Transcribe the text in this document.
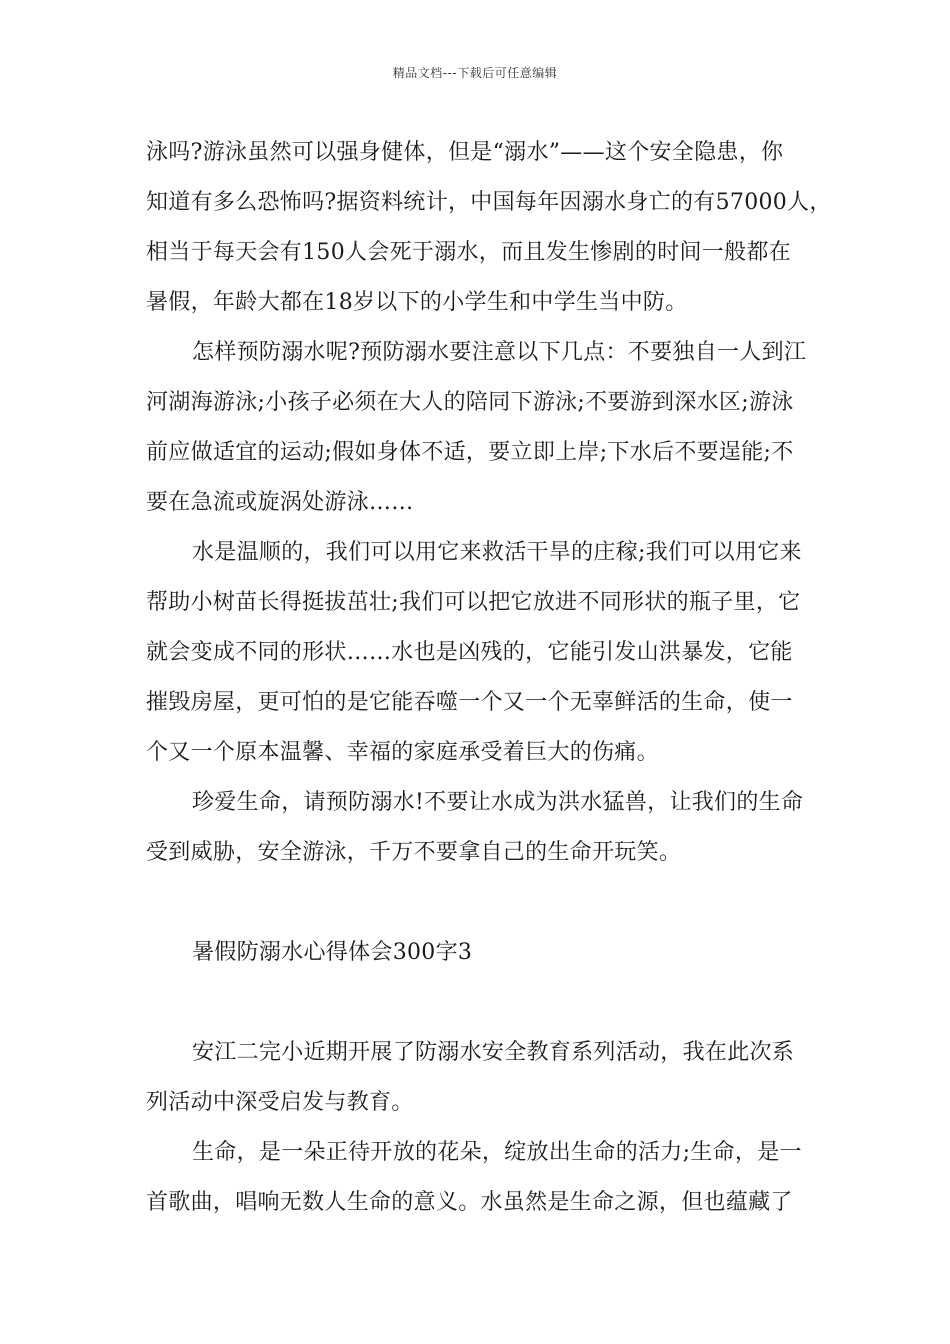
精品文档---下载后可任意编辑
泳吗?游泳虽然可以强身健体，但是“溺水”——这个安全隐患，你
知道有多么恐怖吗?据资料统计，中国每年因溺水身亡的有57000人，
相当于每天会有150人会死于溺水，而且发生惨剧的时间一般都在
暑假，年龄大都在18岁以下的小学生和中学生当中防。
怎样预防溺水呢?预防溺水要注意以下几点：不要独自一人到江
河湖海游泳;小孩子必须在大人的陪同下游泳;不要游到深水区;游泳
前应做适宜的运动;假如身体不适，要立即上岸;下水后不要逞能;不
要在急流或旋涡处游泳……
水是温顺的，我们可以用它来救活干旱的庄稼;我们可以用它来
帮助小树苗长得挺拔茁壮;我们可以把它放进不同形状的瓶子里，它
就会变成不同的形状……水也是凶残的，它能引发山洪暴发，它能
摧毁房屋，更可怕的是它能吞噬一个又一个无辜鲜活的生命，使一
个又一个原本温馨、幸福的家庭承受着巨大的伤痛。
珍爱生命，请预防溺水!不要让水成为洪水猛兽，让我们的生命
受到威胁，安全游泳，千万不要拿自己的生命开玩笑。
暑假防溺水心得体会300字3
安江二完小近期开展了防溺水安全教育系列活动，我在此次系
列活动中深受启发与教育。
生命，是一朵正待开放的花朵，绽放出生命的活力;生命，是一
首歌曲，唱响无数人生命的意义。水虽然是生命之源，但也蕴藏了
